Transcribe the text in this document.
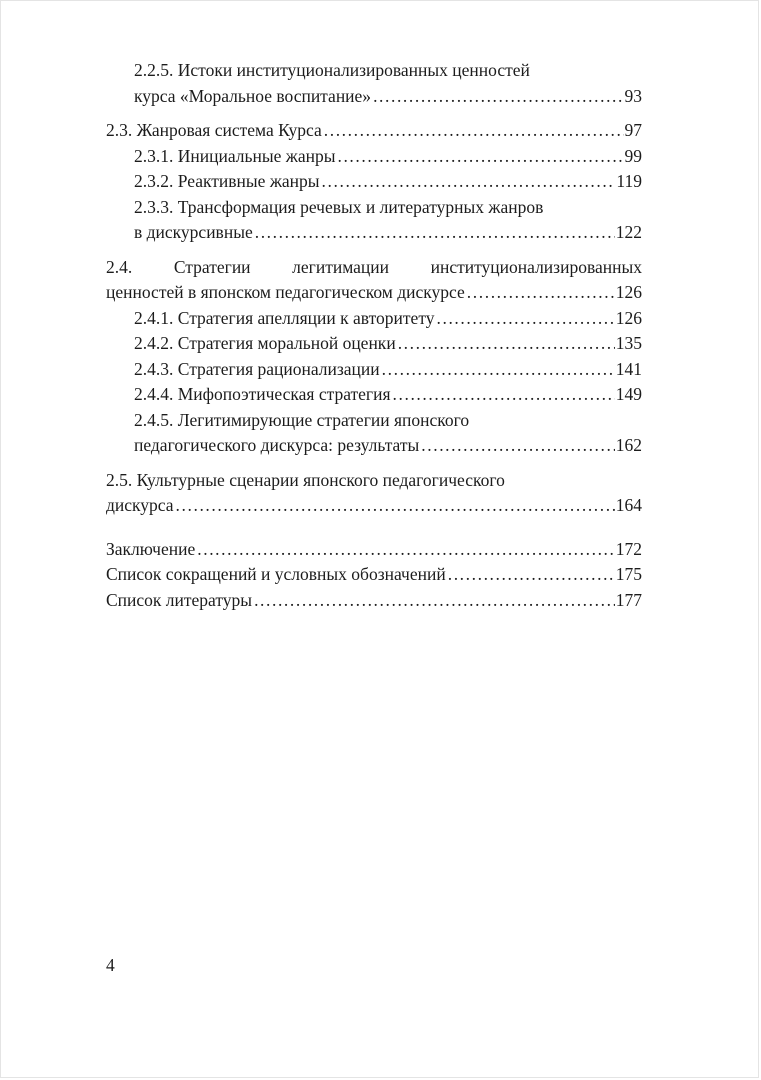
2.2.5. Истоки институционализированных ценностей
курса «Моральное воспитание» .....	93
2.3. Жанровая система Курса .....	97
2.3.1. Инициальные жанры .....	99
2.3.2. Реактивные жанры .....	119
2.3.3. Трансформация речевых и литературных жанров
в дискурсивные .....	122
2.4. Стратегии легитимации институционализированных
ценностей в японском педагогическом дискурсе .....	126
2.4.1. Стратегия апелляции к авторитету .....	126
2.4.2. Стратегия моральной оценки .....	135
2.4.3. Стратегия рационализации .....	141
2.4.4. Мифопоэтическая стратегия .....	149
2.4.5. Легитимирующие стратегии японского
педагогического дискурса: результаты .....	162
2.5. Культурные сценарии японского педагогического
дискурса .....	164
Заключение .....	172
Список сокращений и условных обозначений .....	175
Список литературы .....	177
4
